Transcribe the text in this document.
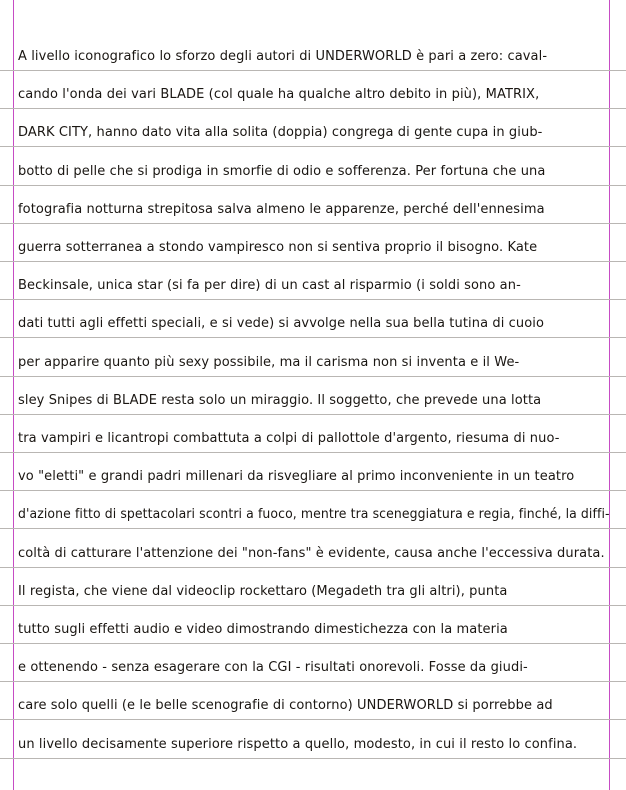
A livello iconografico lo sforzo degli autori di UNDERWORLD è pari a zero: caval-
cando l'onda dei vari BLADE (col quale ha qualche altro debito in più), MATRIX,
DARK CITY, hanno dato vita alla solita (doppia) congrega di gente cupa in giub-
botto di pelle che si prodiga in smorfie di odio e sofferenza. Per fortuna che una
fotografia notturna strepitosa salva almeno le apparenze, perché dell'ennesima
guerra sotterranea a stondo vampiresco non si sentiva proprio il bisogno. Kate
Beckinsale, unica star (si fa per dire) di un cast al risparmio (i soldi sono an-
dati tutti agli effetti speciali, e si vede) si avvolge nella sua bella tutina di cuoio
per apparire quanto più sexy possibile, ma il carisma non si inventa e il We-
sley Snipes di BLADE resta solo un miraggio. Il soggetto, che prevede una lotta
tra vampiri e licantropi combattuta a colpi di pallottole d'argento, riesuma di nuo-
vo "eletti" e grandi padri millenari da risvegliare al primo inconveniente in un teatro
d'azione fitto di spettacolari scontri a fuoco, mentre tra sceneggiatura e regia, finché, la diffi-
coltà di catturare l'attenzione dei "non-fans" è evidente, causa anche l'eccessiva durata.
Il regista, che viene dal videoclip rockettaro (Megadeth tra gli altri), punta
tutto sugli effetti audio e video dimostrando dimestichezza con la materia
e ottenendo - senza esagerare con la CGI - risultati onorevoli. Fosse da giudi-
care solo quelli (e le belle scenografie di contorno) UNDERWORLD si porrebbe ad
un livello decisamente superiore rispetto a quello, modesto, in cui il resto lo confina.
